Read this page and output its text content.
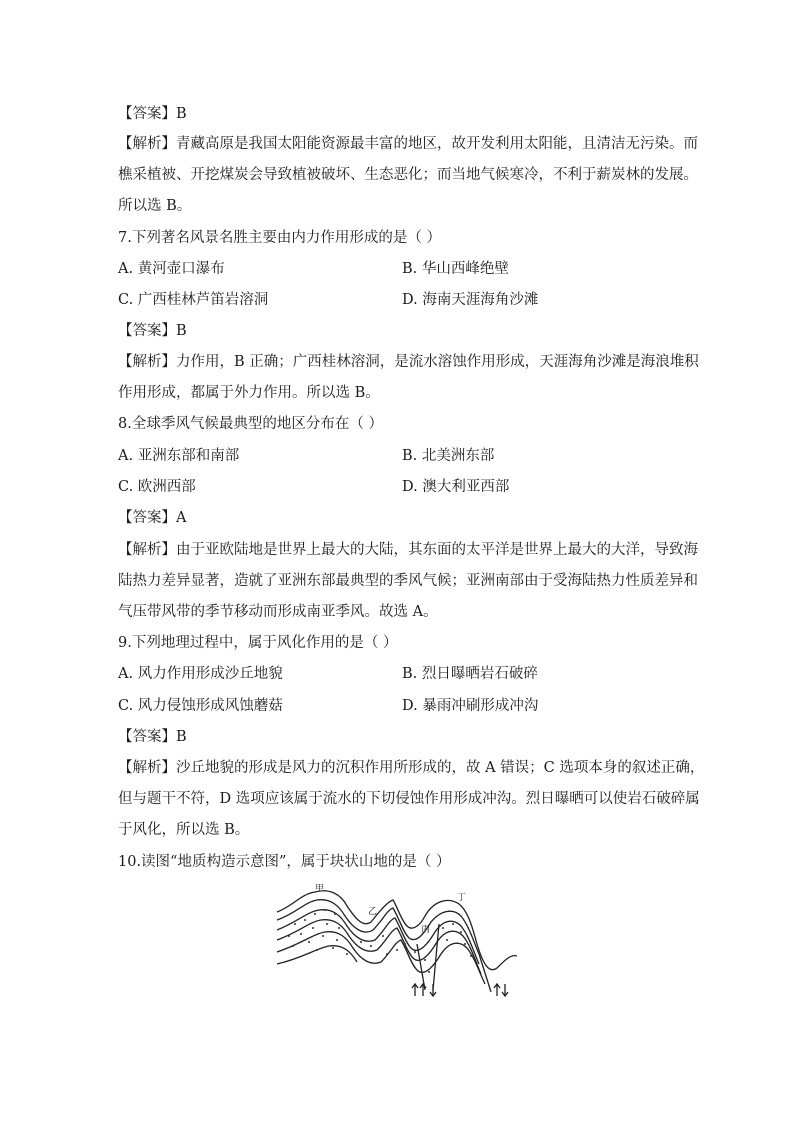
【答案】B
【解析】青藏高原是我国太阳能资源最丰富的地区，故开发利用太阳能，且清洁无污染。而
樵采植被、开挖煤炭会导致植被破坏、生态恶化；而当地气候寒冷，不利于薪炭林的发展。
所以选 B。
7.下列著名风景名胜主要由内力作用形成的是（ ）
A. 黄河壶口瀑布	B. 华山西峰绝壁
C. 广西桂林芦笛岩溶洞	D. 海南天涯海角沙滩
【答案】B
【解析】力作用，B 正确；广西桂林溶洞，是流水溶蚀作用形成，天涯海角沙滩是海浪堆积
作用形成，都属于外力作用。所以选 B。
8.全球季风气候最典型的地区分布在（ ）
A. 亚洲东部和南部	B. 北美洲东部
C. 欧洲西部	D. 澳大利亚西部
【答案】A
【解析】由于亚欧陆地是世界上最大的大陆，其东面的太平洋是世界上最大的大洋，导致海
陆热力差异显著，造就了亚洲东部最典型的季风气候；亚洲南部由于受海陆热力性质差异和
气压带风带的季节移动而形成南亚季风。故选 A。
9.下列地理过程中，属于风化作用的是（ ）
A. 风力作用形成沙丘地貌	B. 烈日曝晒岩石破碎
C. 风力侵蚀形成风蚀蘑菇	D. 暴雨冲刷形成冲沟
【答案】B
【解析】沙丘地貌的形成是风力的沉积作用所形成的，故 A 错误；C 选项本身的叙述正确，
但与题干不符，D 选项应该属于流水的下切侵蚀作用形成冲沟。烈日曝晒可以使岩石破碎属
于风化，所以选 B。
10.读图“地质构造示意图”，属于块状山地的是（ ）
甲
乙
丙
丁
